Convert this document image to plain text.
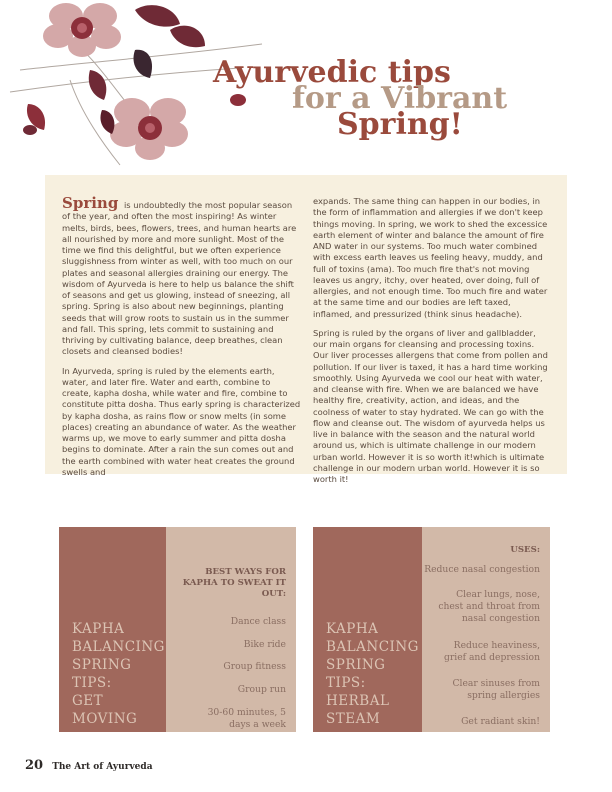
Ayurvedic tips
for a Vibrant
Spring!

Spring is undoubtedly the most popular season of the year, and often the most inspiring! As winter melts, birds, bees, flowers, trees, and human hearts are all nourished by more and more sunlight. Most of the time we find this delightful, but we often experience sluggishness from winter as well, with too much on our plates and seasonal allergies draining our energy. The wisdom of Ayurveda is here to help us balance the shift of seasons and get us glowing, instead of sneezing, all spring. Spring is also about new beginnings, planting seeds that will grow roots to sustain us in the summer and fall. This spring, lets commit to sustaining and thriving by cultivating balance, deep breathes, clean closets and cleansed bodies!

In Ayurveda, spring is ruled by the elements earth, water, and later fire. Water and earth, combine to create, kapha dosha, while water and fire, combine to constitute pitta dosha. Thus early spring is characterized by kapha dosha, as rains flow or snow melts (in some places) creating an abundance of water. As the weather warms up, we move to early summer and pitta dosha begins to dominate. After a rain the sun comes out and the earth combined with water heat creates the ground swells and

expands. The same thing can happen in our bodies, in the form of inflammation and allergies if we don't keep things moving. In spring, we work to shed the excessice earth element of winter and balance the amount of fire AND water in our systems. Too much water combined with excess earth leaves us feeling heavy, muddy, and full of toxins (ama). Too much fire that's not moving leaves us angry, itchy, over heated, over doing, full of allergies, and not enough time. Too much fire and water at the same time and our bodies are left taxed, inflamed, and pressurized (think sinus headache).

Spring is ruled by the organs of liver and gallbladder, our main organs for cleansing and processing toxins. Our liver processes allergens that come from pollen and pollution. If our liver is taxed, it has a hard time working smoothly. Using Ayurveda we cool our heat with water, and cleanse with fire. When we are balanced we have healthy fire, creativity, action, and ideas, and the coolness of water to stay hydrated. We can go with the flow and cleanse out. The wisdom of ayurveda helps us live in balance with the season and the natural world around us, which is ultimate challenge in our modern urban world. However it is so worth it!which is ultimate challenge in our modern urban world. However it is so worth it!

KAPHA
BALANCING
SPRING TIPS:
GET
MOVING
BEST WAYS FOR KAPHA TO SWEAT IT OUT:
Dance class
Bike ride
Group fitness
Group run
30-60 minutes, 5 days a week
KAPHA
BALANCING
SPRING
TIPS:
HERBAL
STEAM
USES:
Reduce nasal congestion
Clear lungs, nose, chest and throat from nasal congestion
Reduce heaviness, grief and depression
Clear sinuses from spring allergies
Get radiant skin!
20 The Art of Ayurveda
